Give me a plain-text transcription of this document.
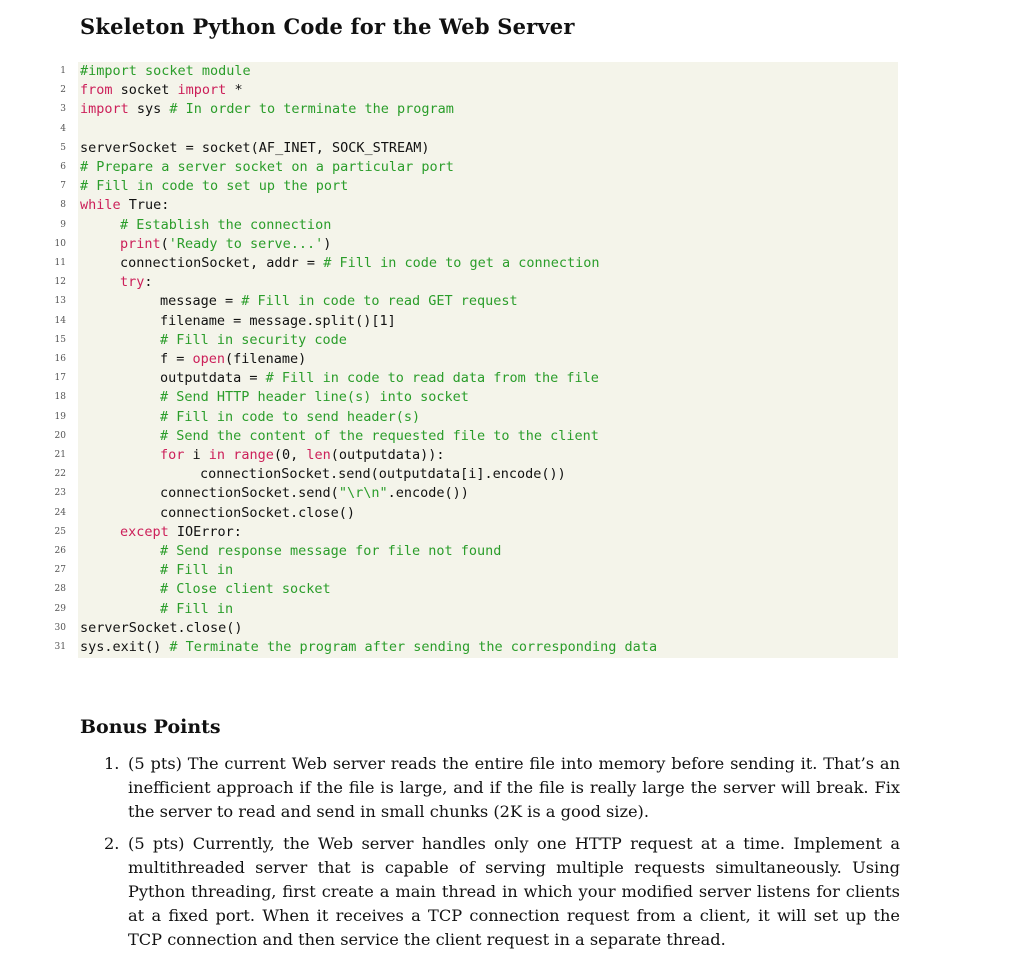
Skeleton Python Code for the Web Server
1 #import socket module
2 from socket import *
3 import sys # In order to terminate the program
4
5 serverSocket = socket(AF_INET, SOCK_STREAM)
6 # Prepare a server socket on a particular port
7 # Fill in code to set up the port
8 while True:
9	# Establish the connection
10	print('Ready to serve...')
11	connectionSocket, addr = # Fill in code to get a connection
12	try:
13	message = # Fill in code to read GET request
14	filename = message.split()[1]
15	# Fill in security code
16	f = open(filename)
17	outputdata = # Fill in code to read data from the file
18	# Send HTTP header line(s) into socket
19	# Fill in code to send header(s)
20	# Send the content of the requested file to the client
21	for i in range(0, len(outputdata)):
22	connectionSocket.send(outputdata[i].encode())
23	connectionSocket.send("\r\n".encode())
24	connectionSocket.close()
25	except IOError:
26	# Send response message for file not found
27	# Fill in
28	# Close client socket
29	# Fill in
30 serverSocket.close()
31 sys.exit() # Terminate the program after sending the corresponding data
Bonus Points
1. (5 pts) The current Web server reads the entire file into memory before sending it. That’s an inefficient approach if the file is large, and if the file is really large the server will break. Fix the server to read and send in small chunks (2K is a good size).
2. (5 pts) Currently, the Web server handles only one HTTP request at a time. Implement a multithreaded server that is capable of serving multiple requests simultaneously. Using Python threading, first create a main thread in which your modified server listens for clients at a fixed port. When it receives a TCP connection request from a client, it will set up the TCP connection and then service the client request in a separate thread.
